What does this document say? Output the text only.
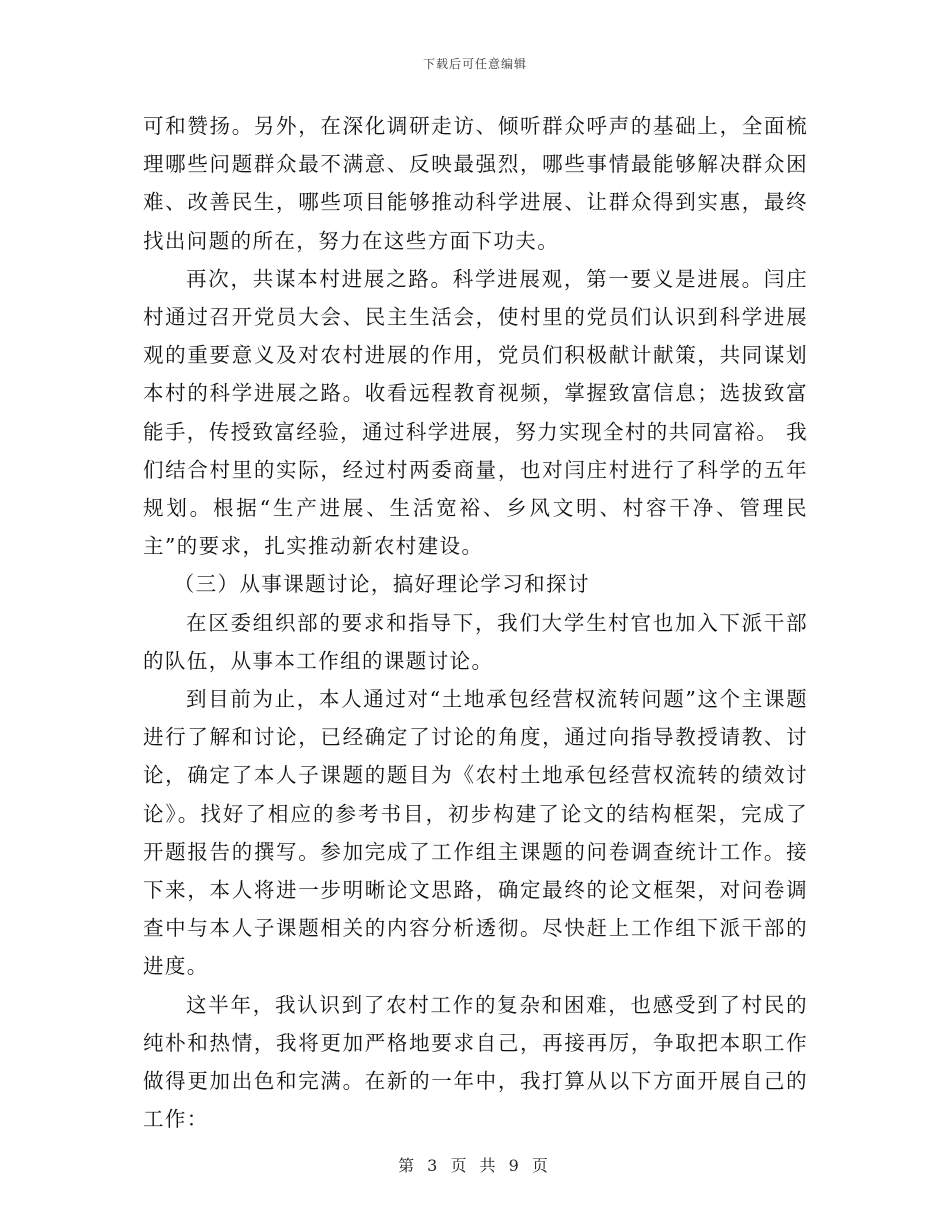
下载后可任意编辑

可和赞扬。另外，在深化调研走访、倾听群众呼声的基础上，全面梳理哪些问题群众最不满意、反映最强烈，哪些事情最能够解决群众困难、改善民生，哪些项目能够推动科学进展、让群众得到实惠，最终找出问题的所在，努力在这些方面下功夫。

再次，共谋本村进展之路。科学进展观，第一要义是进展。闫庄村通过召开党员大会、民主生活会，使村里的党员们认识到科学进展观的重要意义及对农村进展的作用，党员们积极献计献策，共同谋划本村的科学进展之路。收看远程教育视频，掌握致富信息；选拔致富能手，传授致富经验，通过科学进展，努力实现全村的共同富裕。 我们结合村里的实际，经过村两委商量，也对闫庄村进行了科学的五年规划。根据“生产进展、生活宽裕、乡风文明、村容干净、管理民主”的要求，扎实推动新农村建设。

（三）从事课题讨论，搞好理论学习和探讨

在区委组织部的要求和指导下，我们大学生村官也加入下派干部的队伍，从事本工作组的课题讨论。

到目前为止，本人通过对“土地承包经营权流转问题”这个主课题进行了解和讨论，已经确定了讨论的角度，通过向指导教授请教、讨论，确定了本人子课题的题目为《农村土地承包经营权流转的绩效讨论》。找好了相应的参考书目，初步构建了论文的结构框架，完成了开题报告的撰写。参加完成了工作组主课题的问卷调查统计工作。接下来，本人将进一步明晰论文思路，确定最终的论文框架，对问卷调查中与本人子课题相关的内容分析透彻。尽快赶上工作组下派干部的进度。

这半年，我认识到了农村工作的复杂和困难，也感受到了村民的纯朴和热情，我将更加严格地要求自己，再接再厉，争取把本职工作做得更加出色和完满。在新的一年中，我打算从以下方面开展自己的工作：

第 3 页 共 9 页
